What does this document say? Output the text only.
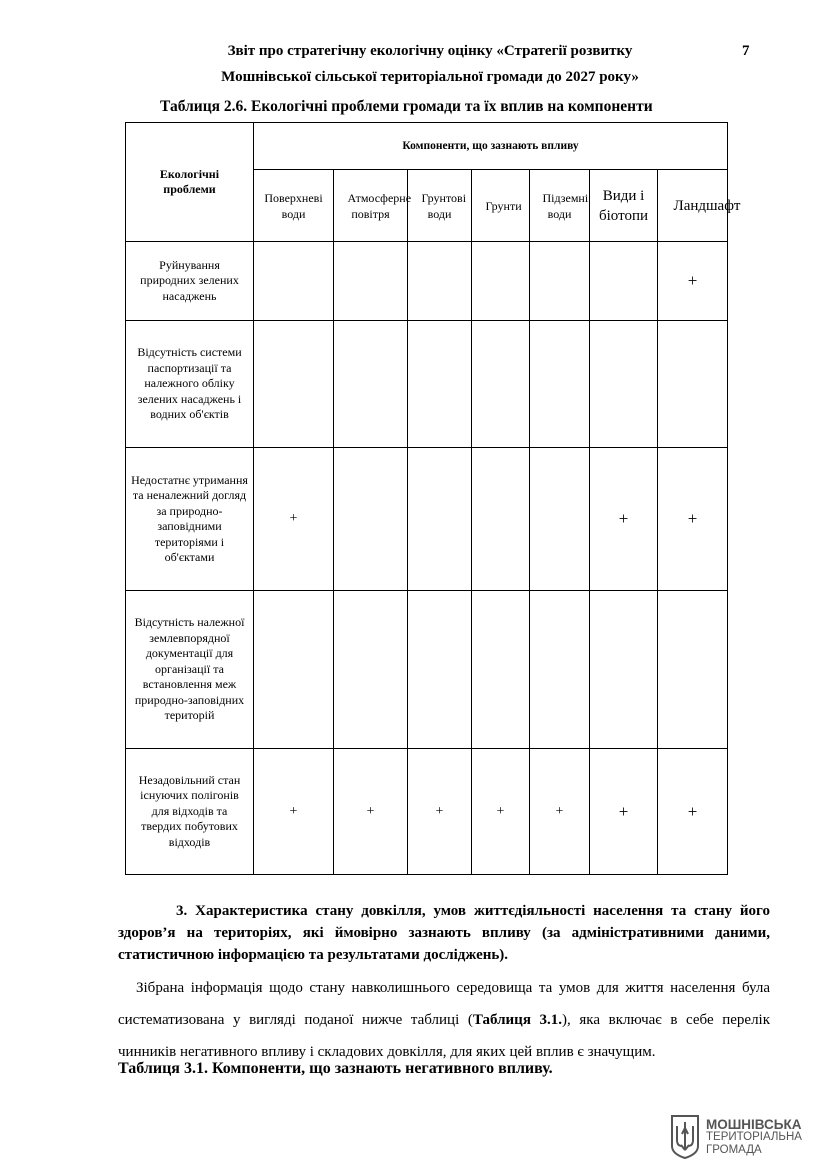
Звіт про стратегічну екологічну оцінку «Стратегії розвитку
Мошнівської сільської територіальної громади до 2027 року»
7
Таблиця 2.6. Екологічні проблеми громади та їх вплив на компоненти
Екологічні проблеми	Компоненти, що зазнають впливу						

	Поверхневі води	Атмосферне повітря	Грунтові води	Грунти	Підземні води	Види і біотопи	Ландшафт

Руйнування природних зелених насаджень							+
Відсутність системи паспортизації та належного обліку зелених насаджень і водних об'єктів							
Недостатнє утримання та неналежний догляд за природно-заповідними територіями і об'єктами	+					+	+
Відсутність належної землевпорядної документації для організації та встановлення меж природно-заповідних територій							
Незадовільний стан існуючих полігонів для відходів та твердих побутових відходів	+	+	+	+	+	+	+
3. Характеристика стану довкілля, умов життєдіяльності населення та стану його здоров’я на територіях, які ймовірно зазнають впливу (за адміністративними даними, статистичною інформацією та результатами досліджень).
Зібрана інформація щодо стану навколишнього середовища та умов для життя населення була систематизована у вигляді поданої нижче таблиці (Таблиця 3.1.), яка включає в себе перелік чинників негативного впливу і складових довкілля, для яких цей вплив є значущим.
Таблиця 3.1. Компоненти, що зазнають негативного впливу.
МОШНІВСЬКА
ТЕРИТОРІАЛЬНА
ГРОМАДА
